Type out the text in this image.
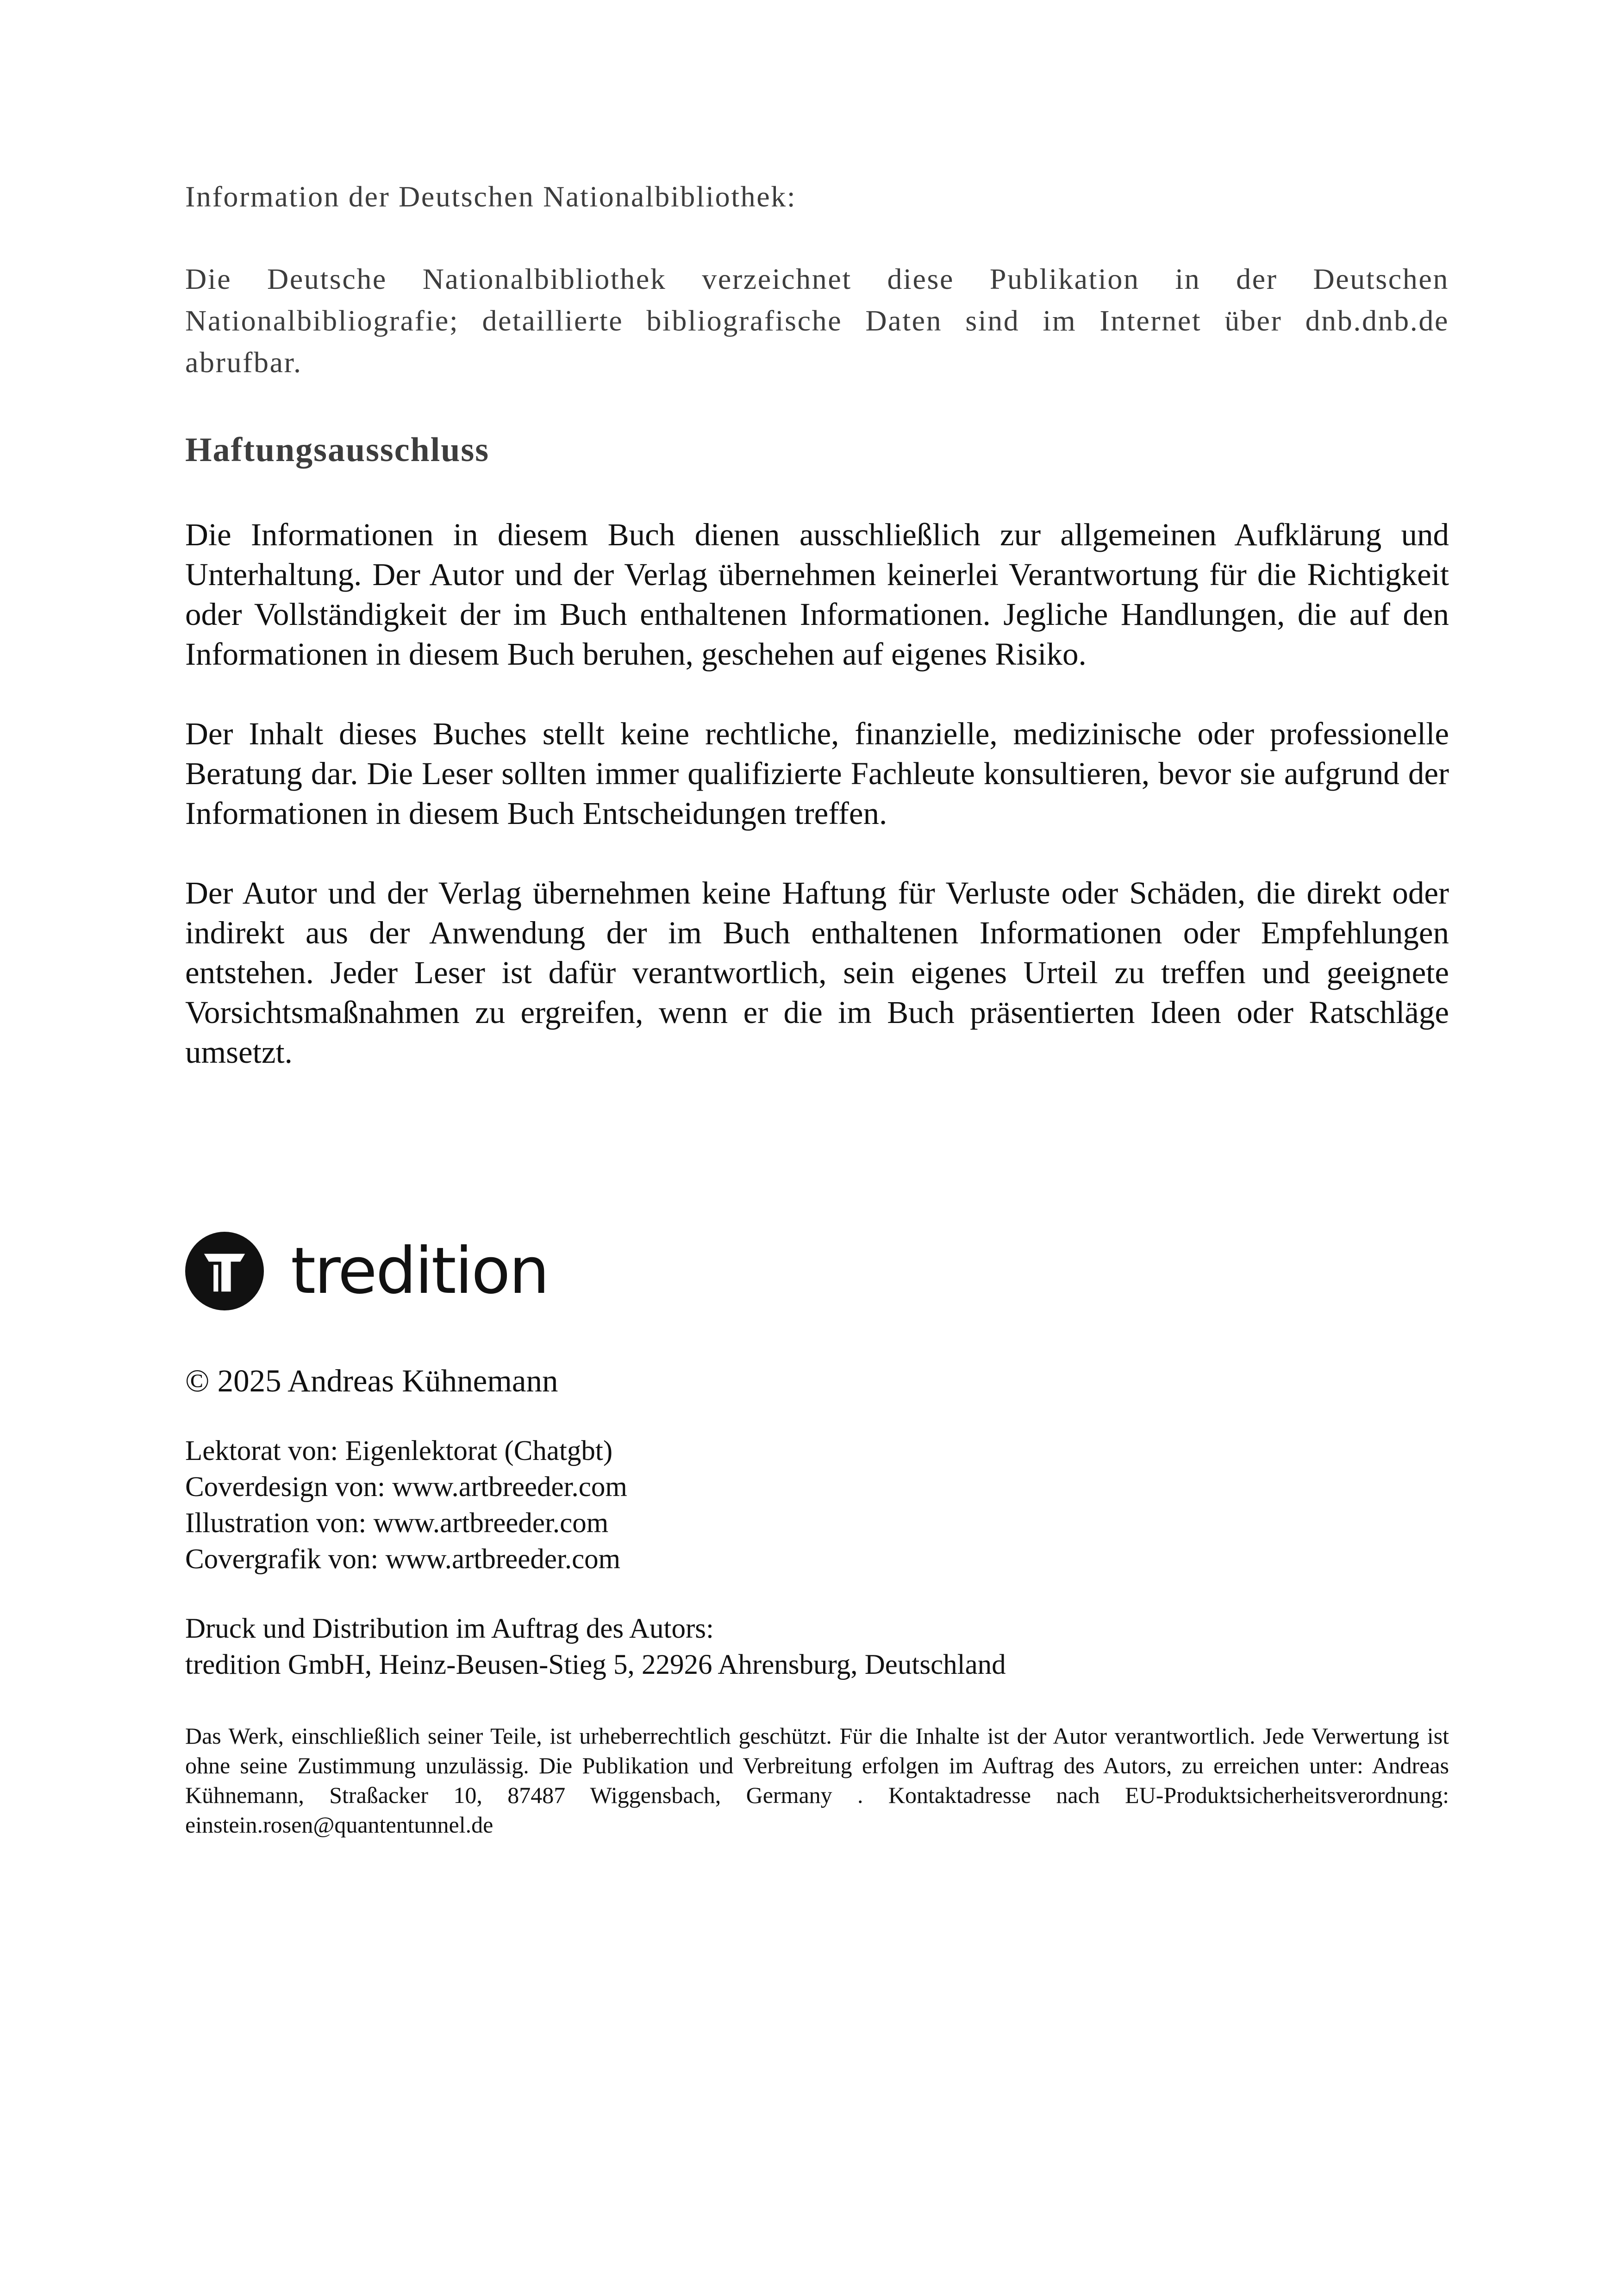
Information der Deutschen Nationalbibliothek:

Die Deutsche Nationalbibliothek verzeichnet diese Publikation in der Deutschen Nationalbibliografie; detaillierte bibliografische Daten sind im Internet über dnb.dnb.de abrufbar.

Haftungsausschluss

Die Informationen in diesem Buch dienen ausschließlich zur allgemeinen Aufklärung und Unterhaltung. Der Autor und der Verlag übernehmen keinerlei Verantwortung für die Richtigkeit oder Vollständigkeit der im Buch enthaltenen Informationen. Jegliche Handlungen, die auf den Informationen in diesem Buch beruhen, geschehen auf eigenes Risiko.

Der Inhalt dieses Buches stellt keine rechtliche, finanzielle, medizinische oder professionelle Beratung dar. Die Leser sollten immer qualifizierte Fachleute konsultieren, bevor sie aufgrund der Informationen in diesem Buch Entscheidungen treffen.

Der Autor und der Verlag übernehmen keine Haftung für Verluste oder Schäden, die direkt oder indirekt aus der Anwendung der im Buch enthaltenen Informationen oder Empfehlungen entstehen. Jeder Leser ist dafür verantwortlich, sein eigenes Urteil zu treffen und geeignete Vorsichtsmaßnahmen zu ergreifen, wenn er die im Buch präsentierten Ideen oder Ratschläge umsetzt.

tredition

© 2025 Andreas Kühnemann

Lektorat von: Eigenlektorat (Chatgbt)
Coverdesign von: www.artbreeder.com
Illustration von: www.artbreeder.com
Covergrafik von: www.artbreeder.com
Druck und Distribution im Auftrag des Autors:
tredition GmbH, Heinz-Beusen-Stieg 5, 22926 Ahrensburg, Deutschland

Das Werk, einschließlich seiner Teile, ist urheberrechtlich geschützt. Für die Inhalte ist der Autor verantwortlich. Jede Verwertung ist ohne seine Zustimmung unzulässig. Die Publikation und Verbreitung erfolgen im Auftrag des Autors, zu erreichen unter: Andreas Kühnemann, Straßacker 10, 87487 Wiggensbach, Germany . Kontaktadresse nach EU-Produktsicherheitsverordnung: einstein.rosen@quantentunnel.de
